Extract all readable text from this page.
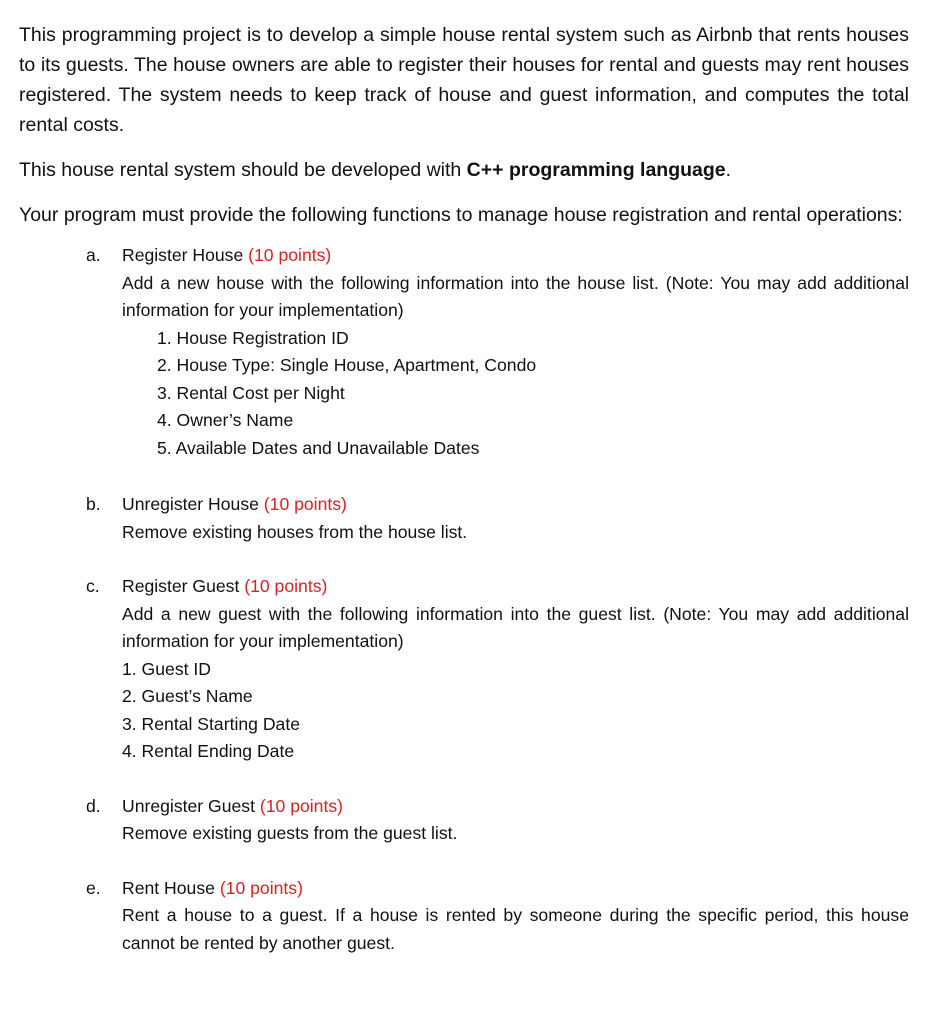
This programming project is to develop a simple house rental system such as Airbnb that rents houses to its guests. The house owners are able to register their houses for rental and guests may rent houses registered. The system needs to keep track of house and guest information, and computes the total rental costs.

This house rental system should be developed with C++ programming language.

Your program must provide the following functions to manage house registration and rental operations:

a. Register House (10 points)

Add a new house with the following information into the house list. (Note: You may add additional information for your implementation)

1. House Registration ID
2. House Type: Single House, Apartment, Condo
3. Rental Cost per Night
4. Owner’s Name
5. Available Dates and Unavailable Dates
b. Unregister House (10 points)

Remove existing houses from the house list.

c. Register Guest (10 points)

Add a new guest with the following information into the guest list. (Note: You may add additional information for your implementation)

1. Guest ID
2. Guest’s Name
3. Rental Starting Date
4. Rental Ending Date
d. Unregister Guest (10 points)

Remove existing guests from the guest list.

e. Rent House (10 points)

Rent a house to a guest. If a house is rented by someone during the specific period, this house cannot be rented by another guest.
